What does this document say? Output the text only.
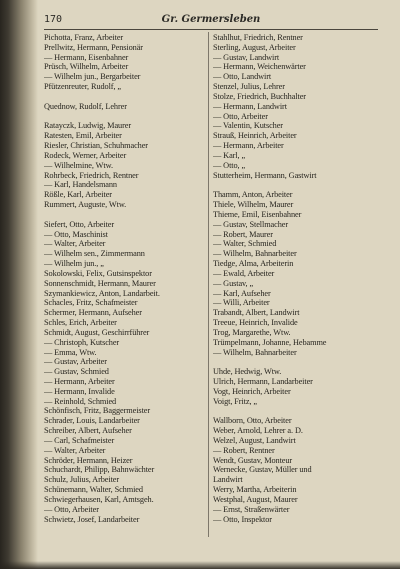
170	Gr. Germersleben
Pichotta, Franz, Arbeiter
Prellwitz, Hermann, Pensionär
— Hermann, Eisenbahner
Prüsch, Wilhelm, Arbeiter
— Wilhelm jun., Bergarbeiter
Pfützenreuter, Rudolf, „
Quednow, Rudolf, Lehrer
Ratayczk, Ludwig, Maurer
Ratesten, Emil, Arbeiter
Riesler, Christian, Schuhmacher
Rodeck, Werner, Arbeiter
— Wilhelmine, Wtw.
Rohrbeck, Friedrich, Rentner
— Karl, Handelsmann
Rößle, Karl, Arbeiter
Rummert, Auguste, Wtw.
Siefert, Otto, Arbeiter
— Otto, Maschinist
— Walter, Arbeiter
— Wilhelm sen., Zimmermann
— Wilhelm jun., „
Sokolowski, Felix, Gutsinspektor
Sonnenschmidt, Hermann, Maurer
Szymankiewicz, Anton, Landarbeit.
Schacles, Fritz, Schafmeister
Schermer, Hermann, Aufseher
Schles, Erich, Arbeiter
Schmidt, August, Geschirrführer
— Christoph, Kutscher
— Emma, Wtw.
— Gustav, Arbeiter
— Gustav, Schmied
— Hermann, Arbeiter
— Hermann, Invalide
— Reinhold, Schmied
Schönfisch, Fritz, Baggermeister
Schrader, Louis, Landarbeiter
Schreiber, Albert, Aufseher
— Carl, Schafmeister
— Walter, Arbeiter
Schröder, Hermann, Heizer
Schuchardt, Philipp, Bahnwächter
Schulz, Julius, Arbeiter
Schünemann, Walter, Schmied
Schwiegerhausen, Karl, Amtsgeh.
— Otto, Arbeiter
Schwietz, Josef, Landarbeiter
Stahlhut, Friedrich, Rentner
Sterling, August, Arbeiter
— Gustav, Landwirt
— Hermann, Weichenwärter
— Otto, Landwirt
Stenzel, Julius, Lehrer
Stolze, Friedrich, Buchhalter
— Hermann, Landwirt
— Otto, Arbeiter
— Valentin, Kutscher
Strauß, Heinrich, Arbeiter
— Hermann, Arbeiter
— Karl, „
— Otto, „
Stutterheim, Hermann, Gastwirt
Thamm, Anton, Arbeiter
Thiele, Wilhelm, Maurer
Thieme, Emil, Eisenbahner
— Gustav, Stellmacher
— Robert, Maurer
— Walter, Schmied
— Wilhelm, Bahnarbeiter
Tiedge, Alma, Arbeiterin
— Ewald, Arbeiter
— Gustav, „
— Karl, Aufseher
— Willi, Arbeiter
Trabandt, Albert, Landwirt
Treeue, Heinrich, Invalide
Trog, Margarethe, Wtw.
Trümpelmann, Johanne, Hebamme
— Wilhelm, Bahnarbeiter
Uhde, Hedwig, Wtw.
Ulrich, Hermann, Landarbeiter
Vogt, Heinrich, Arbeiter
Voigt, Fritz, „
Wallborn, Otto, Arbeiter
Weber, Arnold, Lehrer a. D.
Welzel, August, Landwirt
— Robert, Rentner
Wendt, Gustav, Monteur
Wernecke, Gustav, Müller und
Landwirt
Werry, Martha, Arbeiterin
Westphal, August, Maurer
— Ernst, Straßenwärter
— Otto, Inspektor
